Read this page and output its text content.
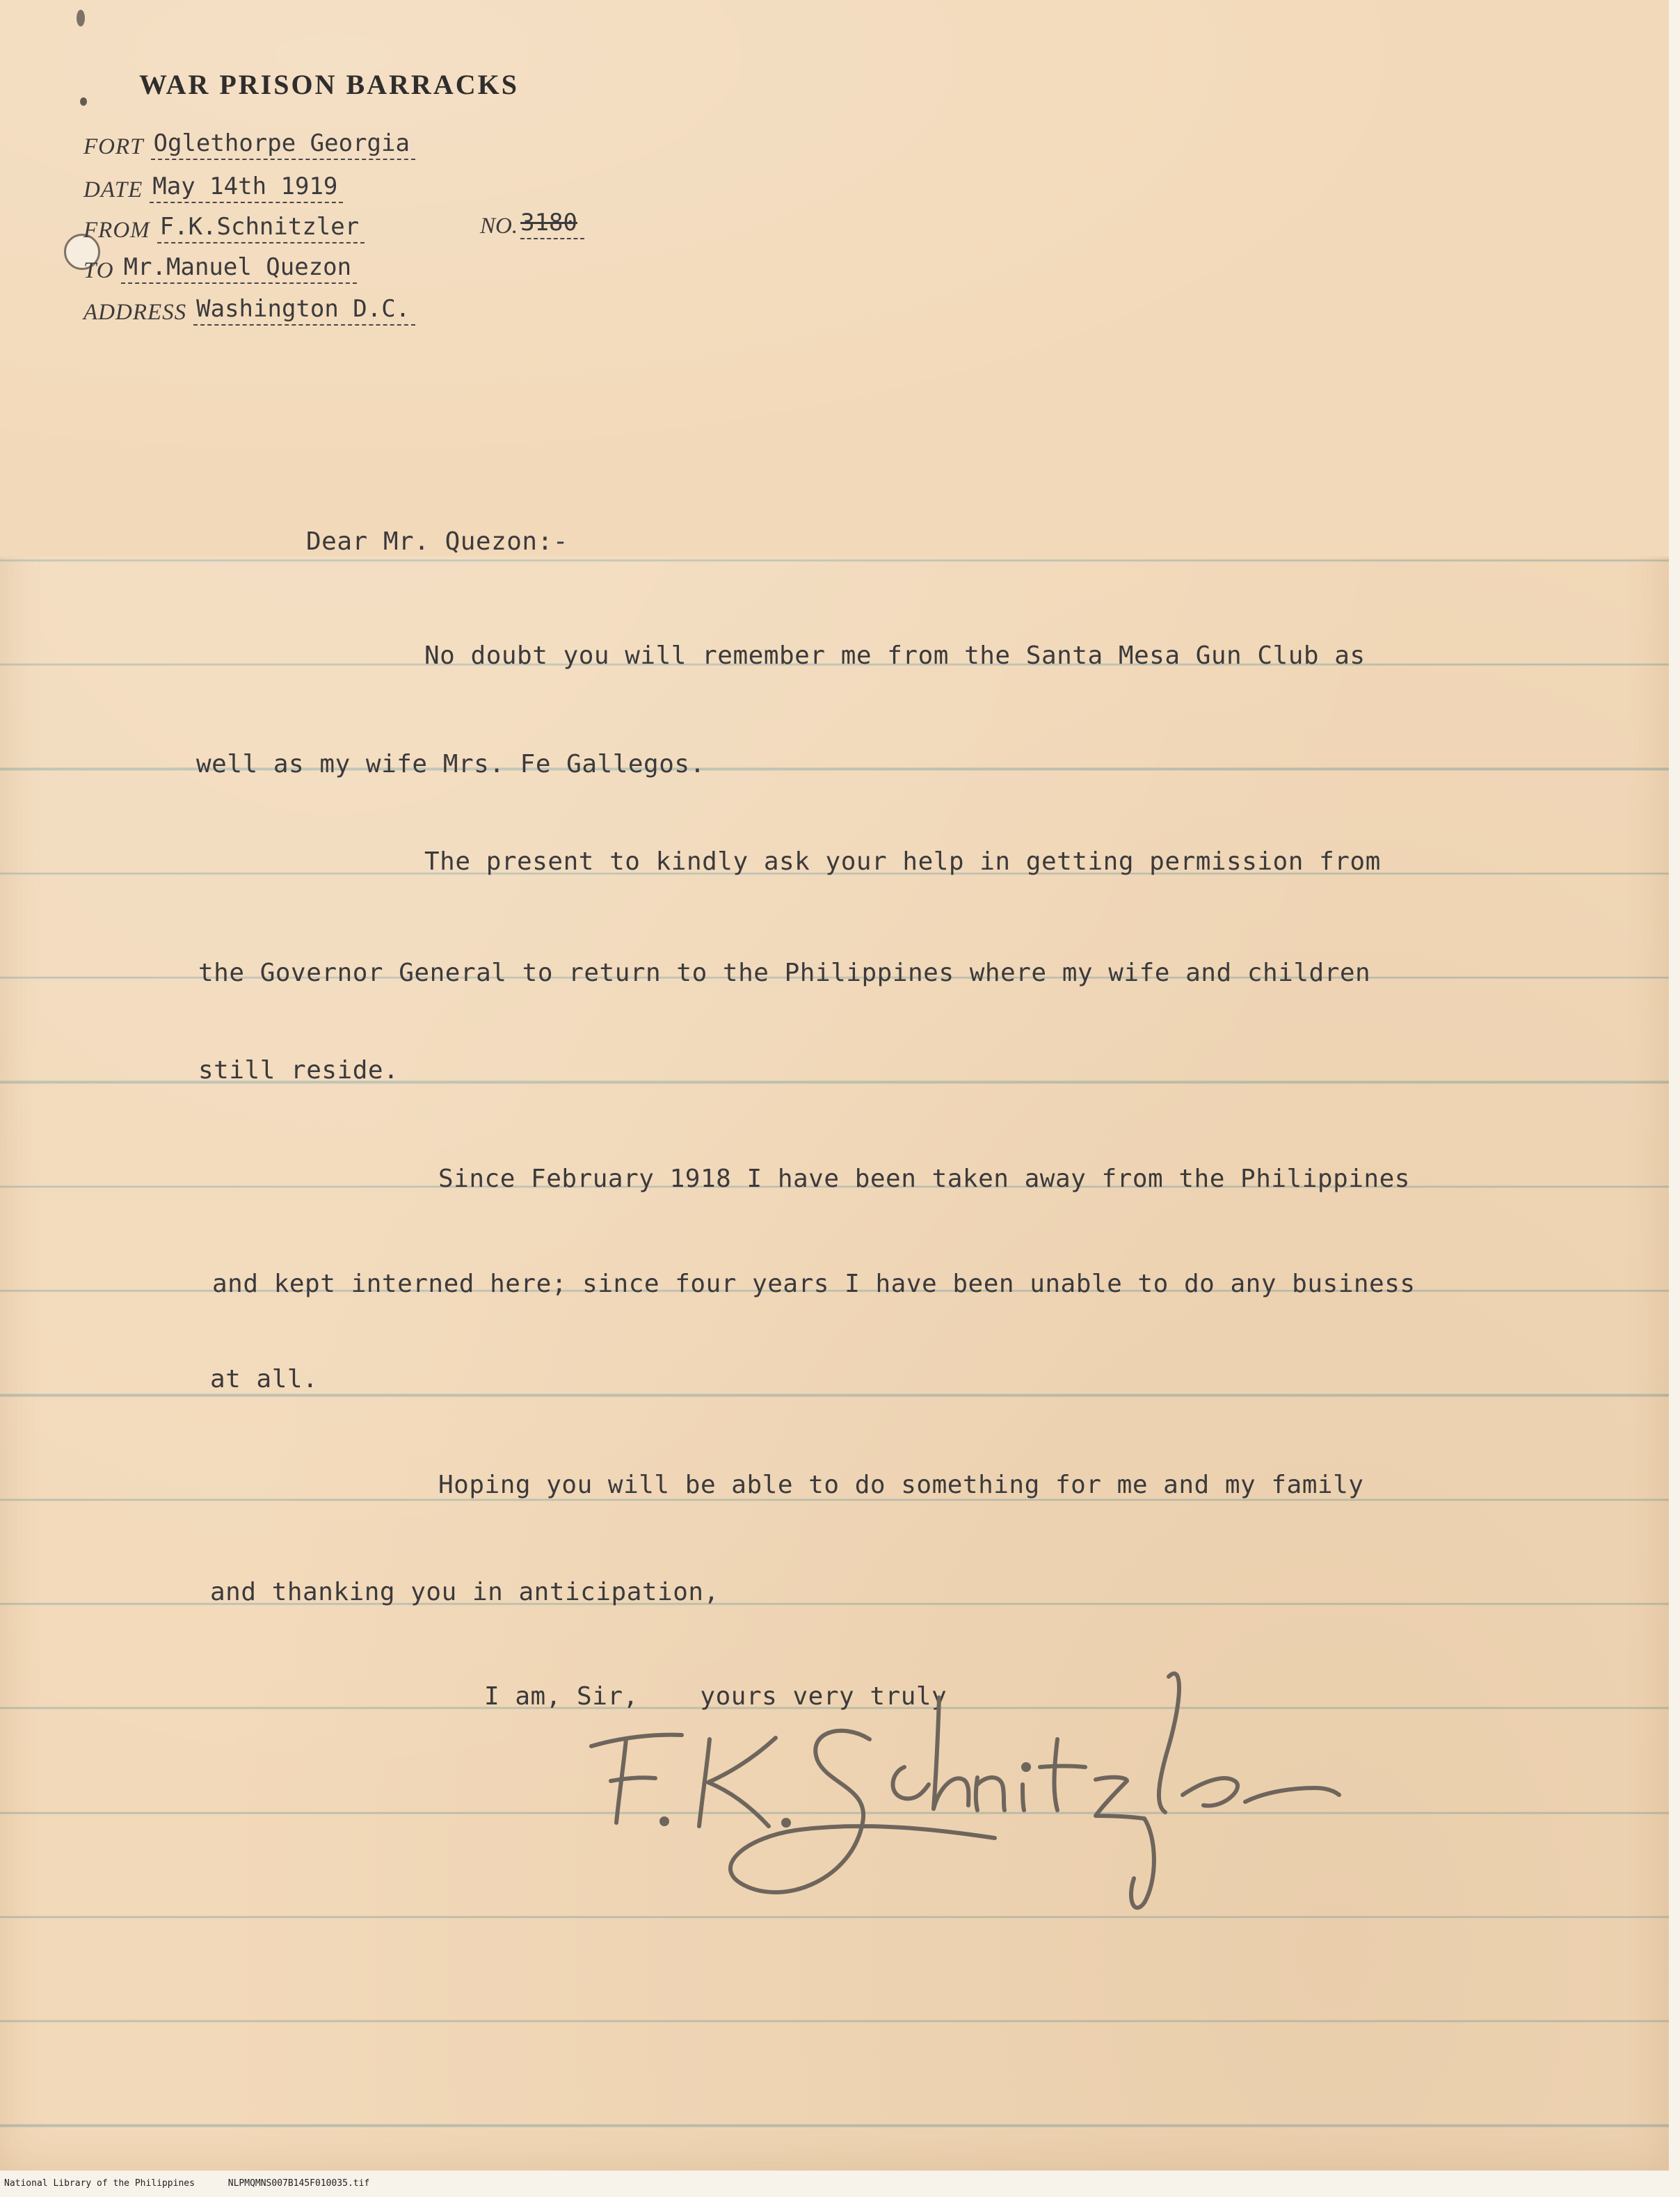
WAR PRISON BARRACKS
FORT Oglethorpe Georgia
DATE May 14th 1919
FROM F.K.Schnitzler	NO. 3180
TO Mr.Manuel Quezon
ADDRESS Washington D.C.
Dear Mr. Quezon:-
No doubt you will remember me from the Santa Mesa Gun Club as
well as my wife Mrs. Fe Gallegos.
The present to kindly ask your help in getting permission from
the Governor General to return to the Philippines where my wife and children
still reside.
Since February 1918 I have been taken away from the Philippines
and kept interned here; since four years I have been unable to do any business
at all.
Hoping you will be able to do something for me and my family
and thanking you in anticipation,
I am, Sir,    yours very truly
National Library of the Philippines	NLPMQMNS007B145F010035.tif
